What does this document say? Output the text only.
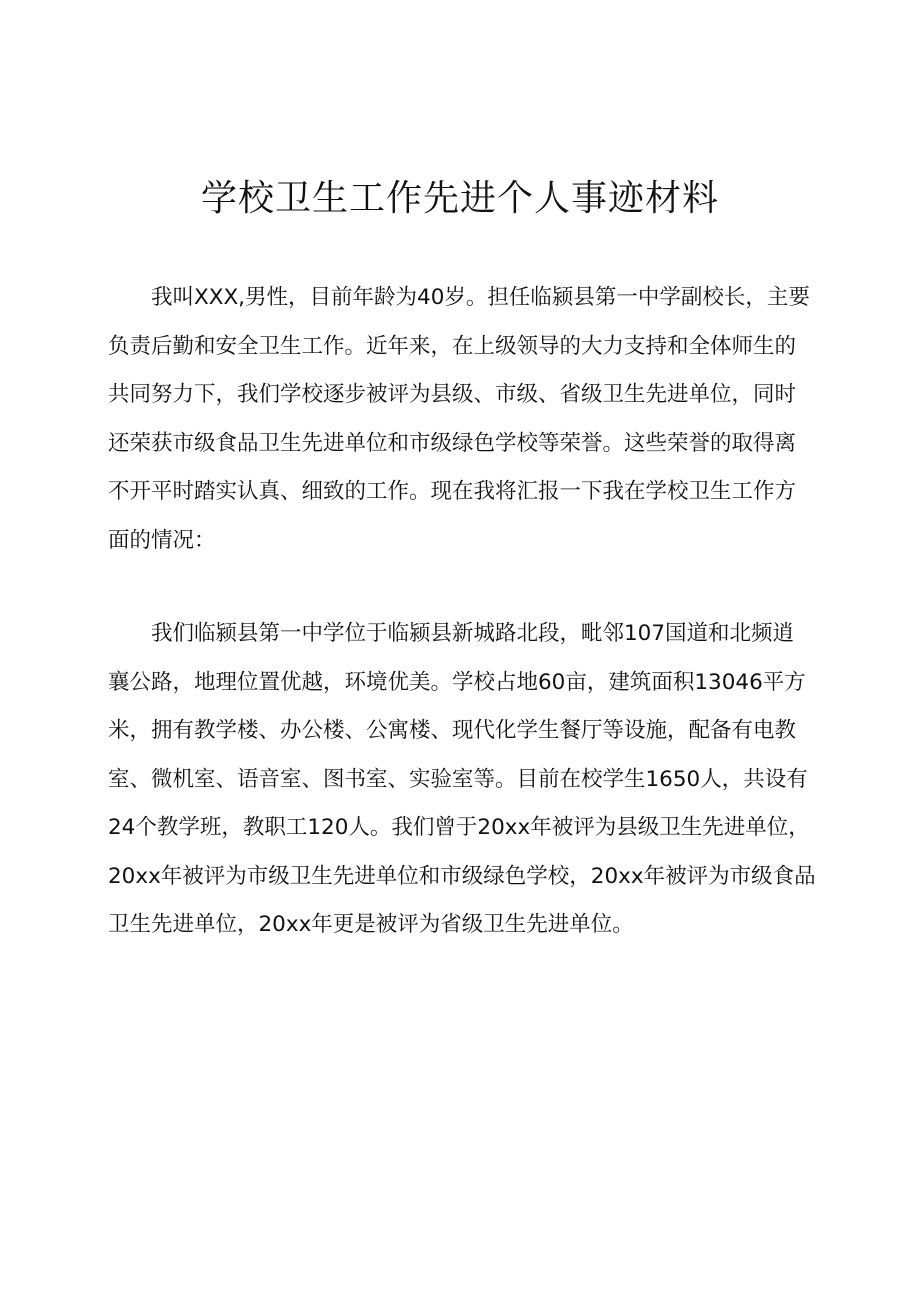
学校卫生工作先进个人事迹材料
　　我叫XXX,男性，目前年龄为40岁。担任临颍县第一中学副校长，主要
负责后勤和安全卫生工作。近年来，在上级领导的大力支持和全体师生的
共同努力下，我们学校逐步被评为县级、市级、省级卫生先进单位，同时
还荣获市级食品卫生先进单位和市级绿色学校等荣誉。这些荣誉的取得离
不开平时踏实认真、细致的工作。现在我将汇报一下我在学校卫生工作方
面的情况：
　　我们临颍县第一中学位于临颍县新城路北段，毗邻107国道和北频逍
襄公路，地理位置优越，环境优美。学校占地60亩，建筑面积13046平方
米，拥有教学楼、办公楼、公寓楼、现代化学生餐厅等设施，配备有电教
室、微机室、语音室、图书室、实验室等。目前在校学生1650人，共设有
24个教学班，教职工120人。我们曾于20xx年被评为县级卫生先进单位，
20xx年被评为市级卫生先进单位和市级绿色学校，20xx年被评为市级食品
卫生先进单位，20xx年更是被评为省级卫生先进单位。
